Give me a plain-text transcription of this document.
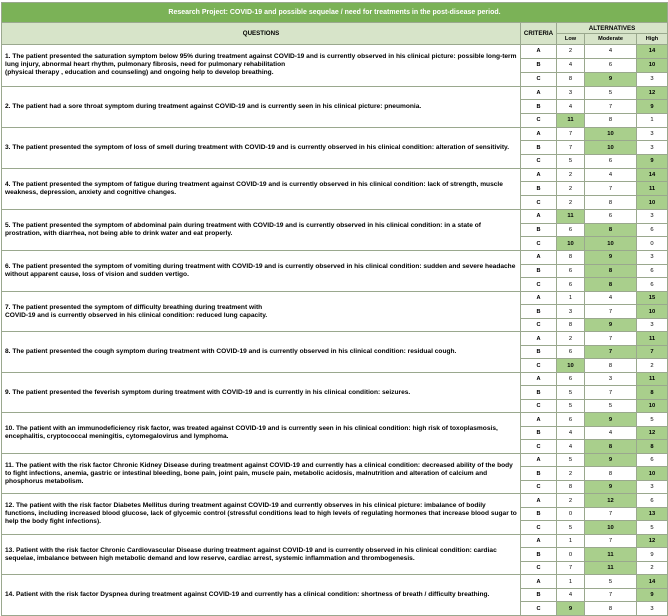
Research Project: COVID-19 and possible sequelae / need for treatments in the post-disease period.				
QUESTIONS	CRITERIA	ALTERNATIVES		
		Low	Moderate	High
1. The patient presented the saturation symptom below 95% during treatment against COVID-19 and is currently observed in his clinical picture: possible long-term lung injury, abnormal heart rhythm, pulmonary fibrosis, need for pulmonary rehabilitation
(physical therapy , education and counseling) and ongoing help to develop breathing.	A	2	4	14
	B	4	6	10
	C	8	9	3
2. The patient had a sore throat symptom during treatment against COVID-19 and is currently seen in his clinical picture: pneumonia.	A	3	5	12
	B	4	7	9
	C	11	8	1
3. The patient presented the symptom of loss of smell during treatment with COVID-19 and is currently observed in his clinical condition: alteration of sensitivity.	A	7	10	3
	B	7	10	3
	C	5	6	9
4. The patient presented the symptom of fatigue during treatment against COVID-19 and is currently observed in his clinical condition: lack of strength, muscle weakness, depression, anxiety and cognitive changes.	A	2	4	14
	B	2	7	11
	C	2	8	10
5. The patient presented the symptom of abdominal pain during treatment with COVID-19 and is currently observed in his clinical condition: in a state of prostration, with diarrhea, not being able to drink water and eat properly.	A	11	6	3
	B	6	8	6
	C	10	10	0
6. The patient presented the symptom of vomiting during treatment with COVID-19 and is currently observed in his clinical condition: sudden and severe headache without apparent cause, loss of vision and sudden vertigo.	A	8	9	3
	B	6	8	6
	C	6	8	6
7. The patient presented the symptom of difficulty breathing during treatment with
COVID-19 and is currently observed in his clinical condition: reduced lung capacity.	A	1	4	15
	B	3	7	10
	C	8	9	3
8. The patient presented the cough symptom during treatment with COVID-19 and is currently observed in his clinical condition: residual cough.	A	2	7	11
	B	6	7	7
	C	10	8	2
9. The patient presented the feverish symptom during treatment with COVID-19 and is currently in his clinical condition: seizures.	A	6	3	11
	B	5	7	8
	C	5	5	10
10. The patient with an immunodeficiency risk factor, was treated against COVID-19 and is currently seen in his clinical condition: high risk of toxoplasmosis, encephalitis, cryptococcal meningitis, cytomegalovirus and lymphoma.	A	6	9	5
	B	4	4	12
	C	4	8	8
11. The patient with the risk factor Chronic Kidney Disease during treatment against COVID-19 and currently has a clinical condition: decreased ability of the body to fight infections, anemia, gastric or intestinal bleeding, bone pain, joint pain, muscle pain, metabolic acidosis, malnutrition and alteration of calcium and phosphorus metabolism.	A	5	9	6
	B	2	8	10
	C	8	9	3
12. The patient with the risk factor Diabetes Mellitus during treatment against COVID-19 and currently observes in his clinical picture: imbalance of bodily functions, including increased blood glucose, lack of glycemic control (stressful conditions lead to high levels of regulating hormones that increase blood sugar to help the body fight infections).	A	2	12	6
	B	0	7	13
	C	5	10	5
13. Patient with the risk factor Chronic Cardiovascular Disease during treatment against COVID-19 and is currently observed in his clinical condition: cardiac sequelae, imbalance between high metabolic demand and low reserve, cardiac arrest, systemic inflammation and thrombogenesis.	A	1	7	12
	B	0	11	9
	C	7	11	2
14. Patient with the risk factor Dyspnea during treatment against COVID-19 and currently has a clinical condition: shortness of breath / difficulty breathing.	A	1	5	14
	B	4	7	9
	C	9	8	3
